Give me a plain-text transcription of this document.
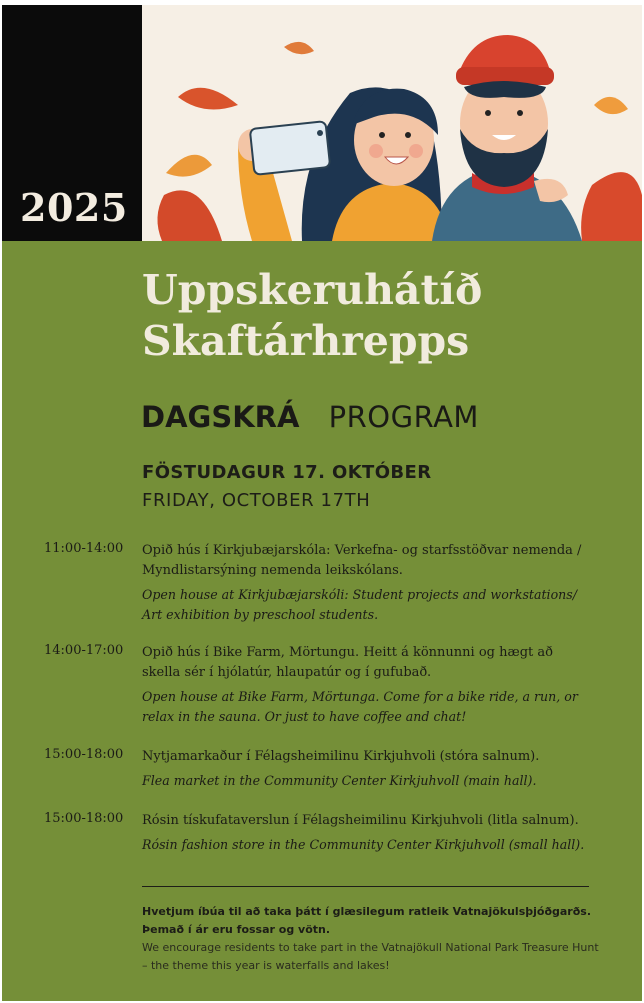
2025
Uppskeruhátíð
Skaftárhrepps
DAGSKRÁ PROGRAM
FÖSTUDAGUR 17. OKTÓBER
FRIDAY, OCTOBER 17TH
11:00-14:00 Opið hús í Kirkjubæjarskóla: Verkefna- og starfsstöðvar nemenda / Myndlistarsýning nemenda leikskólans.
Open house at Kirkjubæjarskóli: Student projects and workstations/ Art exhibition by preschool students.
14:00-17:00 Opið hús í Bike Farm, Mörtungu. Heitt á könnunni og hægt að skella sér í hjólatúr, hlaupatúr og í gufubað.
Open house at Bike Farm, Mörtunga. Come for a bike ride, a run, or relax in the sauna. Or just to have coffee and chat!
15:00-18:00 Nytjamarkaður í Félagsheimilinu Kirkjuhvoli (stóra salnum).
Flea market in the Community Center Kirkjuhvoll (main hall).
15:00-18:00 Rósin tískufataverslun í Félagsheimilinu Kirkjuhvoli (litla salnum).
Rósin fashion store in the Community Center Kirkjuhvoll (small hall).
Hvetjum íbúa til að taka þátt í glæsilegum ratleik Vatnajökulsþjóðgarðs. Þemað í ár eru fossar og vötn.
We encourage residents to take part in the Vatnajökull National Park Treasure Hunt – the theme this year is waterfalls and lakes!
